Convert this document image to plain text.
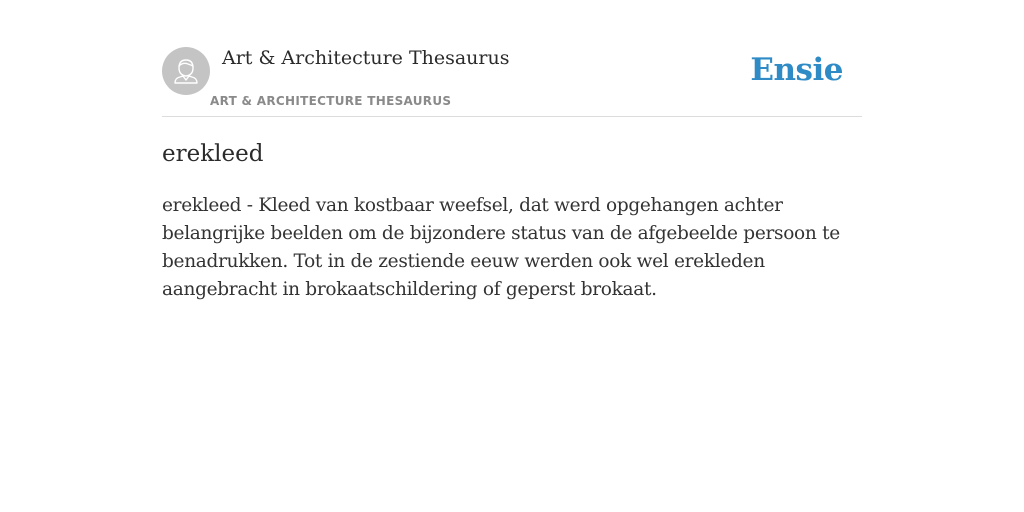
Art & Architecture Thesaurus
ART & ARCHITECTURE THESAURUS
Ensie
erekleed

erekleed - Kleed van kostbaar weefsel, dat werd opgehangen achter belangrijke beelden om de bijzondere status van de afgebeelde persoon te benadrukken. Tot in de zestiende eeuw werden ook wel erekleden aangebracht in brokaatschildering of geperst brokaat.
